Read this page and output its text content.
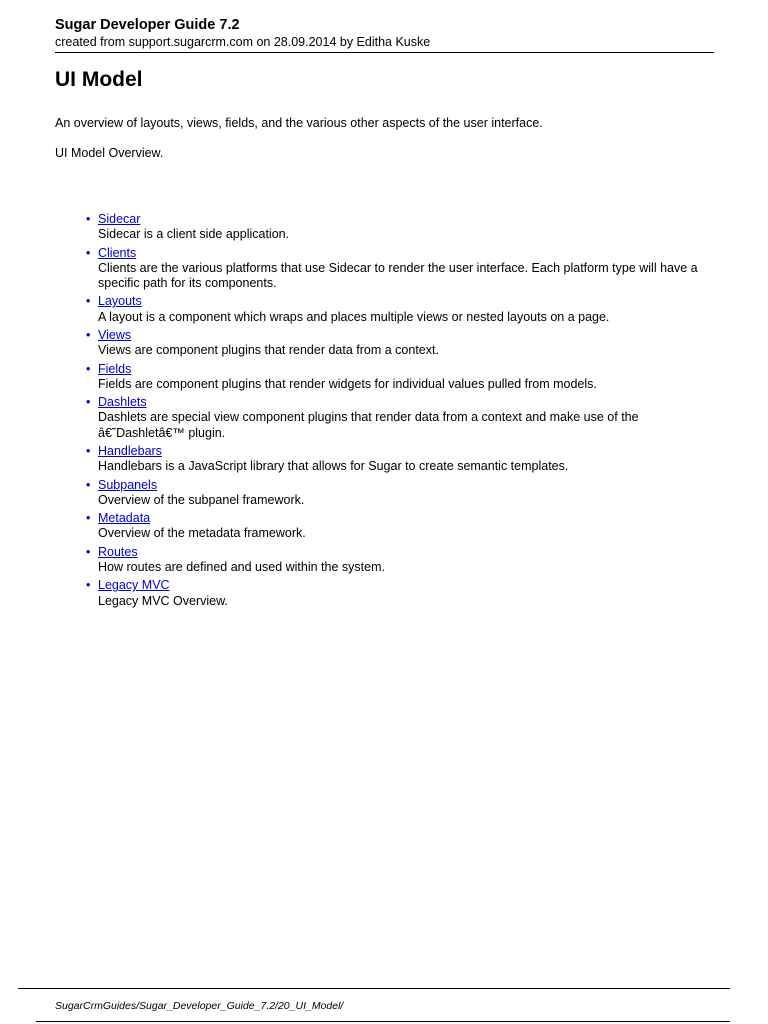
Sugar Developer Guide 7.2
created from support.sugarcrm.com on 28.09.2014 by Editha Kuske
UI Model

An overview of layouts, views, fields, and the various other aspects of the user interface.

UI Model Overview.

• Sidecar
Sidecar is a client side application.
• Clients
Clients are the various platforms that use Sidecar to render the user interface. Each platform type will have a specific path for its components.
• Layouts
A layout is a component which wraps and places multiple views or nested layouts on a page.
• Views
Views are component plugins that render data from a context.
• Fields
Fields are component plugins that render widgets for individual values pulled from models.
• Dashlets
Dashlets are special view component plugins that render data from a context and make use of the â€˜Dashletâ€™ plugin.
• Handlebars
Handlebars is a JavaScript library that allows for Sugar to create semantic templates.
• Subpanels
Overview of the subpanel framework.
• Metadata
Overview of the metadata framework.
• Routes
How routes are defined and used within the system.
• Legacy MVC
Legacy MVC Overview.
SugarCrmGuides/Sugar_Developer_Guide_7.2/20_UI_Model/
